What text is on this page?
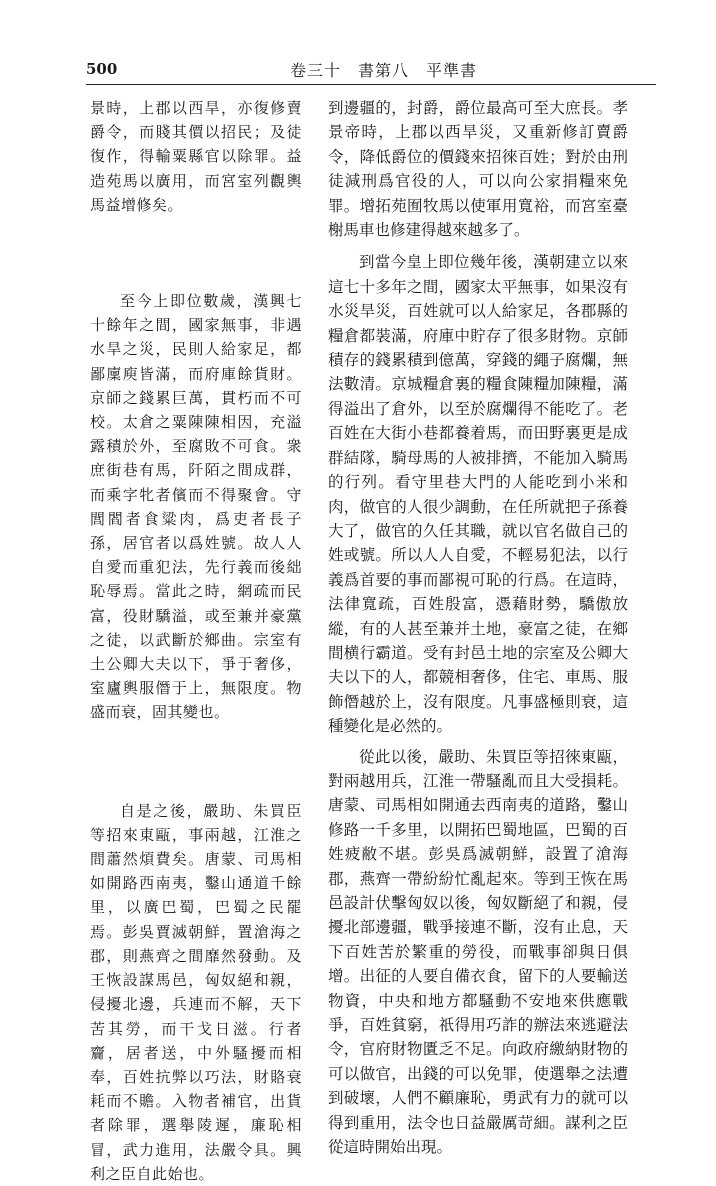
500	卷三十　書第八　平準書

景時，上郡以西旱，亦復修賣爵令，而賤其價以招民；及徒復作，得輸粟縣官以除罪。益造苑馬以廣用，而宮室列觀輿馬益增修矣。

至今上即位數歲，漢興七十餘年之間，國家無事，非遇水旱之災，民則人給家足，都鄙廩庾皆滿，而府庫餘貨財。京師之錢累巨萬，貫朽而不可校。太倉之粟陳陳相因，充溢露積於外，至腐敗不可食。衆庶街巷有馬，阡陌之間成群，而乘字牝者儐而不得聚會。守閭閻者食粱肉，爲吏者長子孫，居官者以爲姓號。故人人自愛而重犯法，先行義而後絀恥辱焉。當此之時，網疏而民富，役財驕溢，或至兼并豪黨之徒，以武斷於鄉曲。宗室有土公卿大夫以下，爭于奢侈，室廬輿服僭于上，無限度。物盛而衰，固其變也。

自是之後，嚴助、朱買臣等招來東甌，事兩越，江淮之間蕭然煩費矣。唐蒙、司馬相如開路西南夷，鑿山通道千餘里，以廣巴蜀，巴蜀之民罷焉。彭吳賈滅朝鮮，置滄海之郡，則燕齊之間靡然發動。及王恢設謀馬邑，匈奴絕和親，侵擾北邊，兵連而不解，天下苦其勞，而干戈日滋。行者齎，居者送，中外騷擾而相奉，百姓抗弊以巧法，財賂衰耗而不贍。入物者補官，出貨者除罪，選舉陵遲，廉恥相冒，武力進用，法嚴令具。興利之臣自此始也。

到邊疆的，封爵，爵位最高可至大庶長。孝景帝時，上郡以西旱災，又重新修訂賣爵令，降低爵位的價錢來招徠百姓；對於由刑徒減刑爲官役的人，可以向公家捐糧來免罪。增拓苑囿牧馬以使軍用寬裕，而宮室臺榭馬車也修建得越來越多了。

到當今皇上即位幾年後，漢朝建立以來這七十多年之間，國家太平無事，如果沒有水災旱災，百姓就可以人給家足，各郡縣的糧倉都裝滿，府庫中貯存了很多財物。京師積存的錢累積到億萬，穿錢的繩子腐爛，無法數清。京城糧倉裏的糧食陳糧加陳糧，滿得溢出了倉外，以至於腐爛得不能吃了。老百姓在大街小巷都養着馬，而田野裏更是成群結隊，騎母馬的人被排擠，不能加入騎馬的行列。看守里巷大門的人能吃到小米和肉，做官的人很少調動，在任所就把子孫養大了，做官的久任其職，就以官名做自己的姓或號。所以人人自愛，不輕易犯法，以行義爲首要的事而鄙視可恥的行爲。在這時，法律寬疏，百姓殷富，憑藉財勢，驕傲放縱，有的人甚至兼并土地，豪富之徒，在鄉間横行霸道。受有封邑土地的宗室及公卿大夫以下的人，都競相奢侈，住宅、車馬、服飾僭越於上，沒有限度。凡事盛極則衰，這種變化是必然的。

從此以後，嚴助、朱買臣等招徠東甌，對兩越用兵，江淮一帶騷亂而且大受損耗。唐蒙、司馬相如開通去西南夷的道路，鑿山修路一千多里，以開拓巴蜀地區，巴蜀的百姓疲敝不堪。彭吳爲滅朝鮮，設置了滄海郡，燕齊一帶紛紛忙亂起來。等到王恢在馬邑設計伏擊匈奴以後，匈奴斷絕了和親，侵擾北部邊疆，戰爭接連不斷，沒有止息，天下百姓苦於繁重的勞役，而戰事卻與日俱增。出征的人要自備衣食，留下的人要輸送物資，中央和地方都騷動不安地來供應戰爭，百姓貧窮，祇得用巧詐的辦法來逃避法令，官府財物匱乏不足。向政府繳納財物的可以做官，出錢的可以免罪，使選舉之法遭到破壞，人們不顧廉恥，勇武有力的就可以得到重用，法令也日益嚴厲苛細。謀利之臣從這時開始出現。
